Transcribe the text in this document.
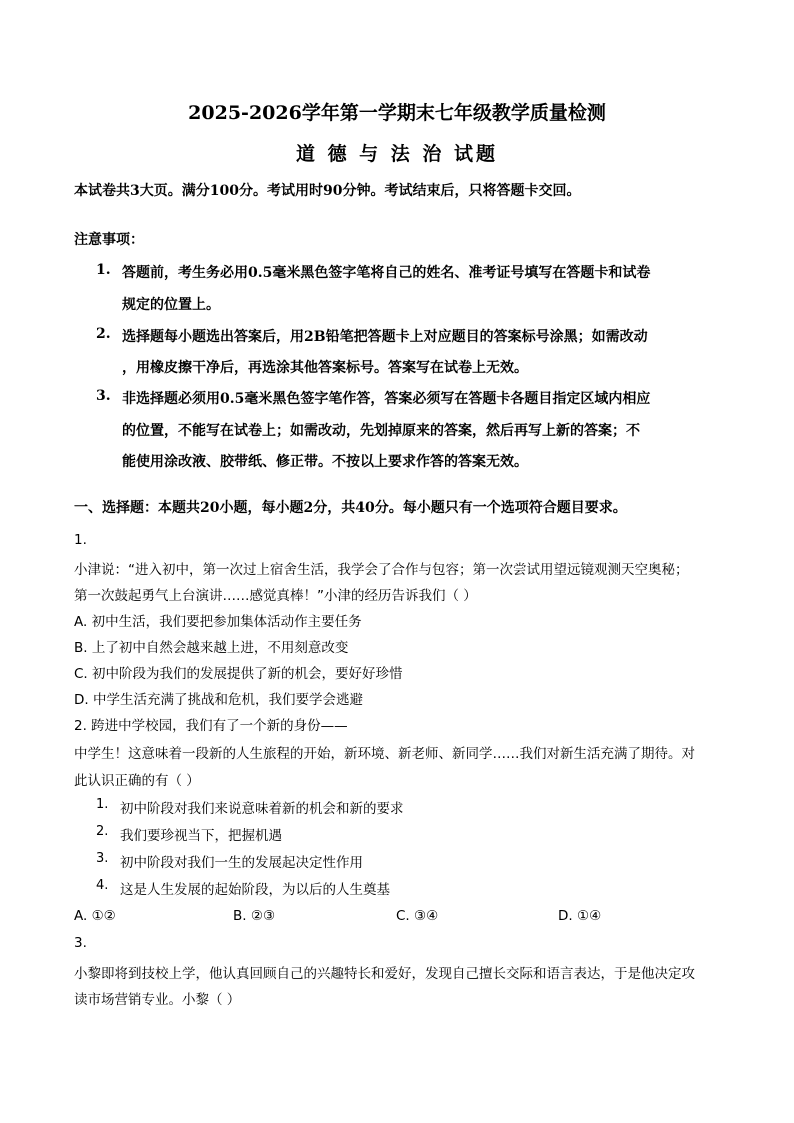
2025-2026学年第一学期末七年级教学质量检测
道 德 与 法 治 试题
本试卷共3大页。满分100分。考试用时90分钟。考试结束后，只将答题卡交回。
注意事项：
1. 答题前，考生务必用0.5毫米黑色签字笔将自己的姓名、准考证号填写在答题卡和试卷
规定的位置上。
2. 选择题每小题选出答案后，用2B铅笔把答题卡上对应题目的答案标号涂黑；如需改动
，用橡皮擦干净后，再选涂其他答案标号。答案写在试卷上无效。
3. 非选择题必须用0.5毫米黑色签字笔作答，答案必须写在答题卡各题目指定区域内相应
的位置，不能写在试卷上；如需改动，先划掉原来的答案，然后再写上新的答案；不
能使用涂改液、胶带纸、修正带。不按以上要求作答的答案无效。
一、选择题：本题共20小题，每小题2分，共40分。每小题只有一个选项符合题目要求。
1.
小津说：“进入初中，第一次过上宿舍生活，我学会了合作与包容；第一次尝试用望远镜观测天空奥秘；
第一次鼓起勇气上台演讲……感觉真棒！”小津的经历告诉我们（ ）
A. 初中生活，我们要把参加集体活动作主要任务
B. 上了初中自然会越来越上进，不用刻意改变
C. 初中阶段为我们的发展提供了新的机会，要好好珍惜
D. 中学生活充满了挑战和危机，我们要学会逃避
2. 跨进中学校园，我们有了一个新的身份——
中学生！这意味着一段新的人生旅程的开始，新环境、新老师、新同学……我们对新生活充满了期待。对
此认识正确的有（ ）
1. 初中阶段对我们来说意味着新的机会和新的要求
2. 我们要珍视当下，把握机遇
3. 初中阶段对我们一生的发展起决定性作用
4. 这是人生发展的起始阶段，为以后的人生奠基
A. ①②	B. ②③	C. ③④	D. ①④
3.
小黎即将到技校上学，他认真回顾自己的兴趣特长和爱好，发现自己擅长交际和语言表达，于是他决定攻
读市场营销专业。小黎（ ）
